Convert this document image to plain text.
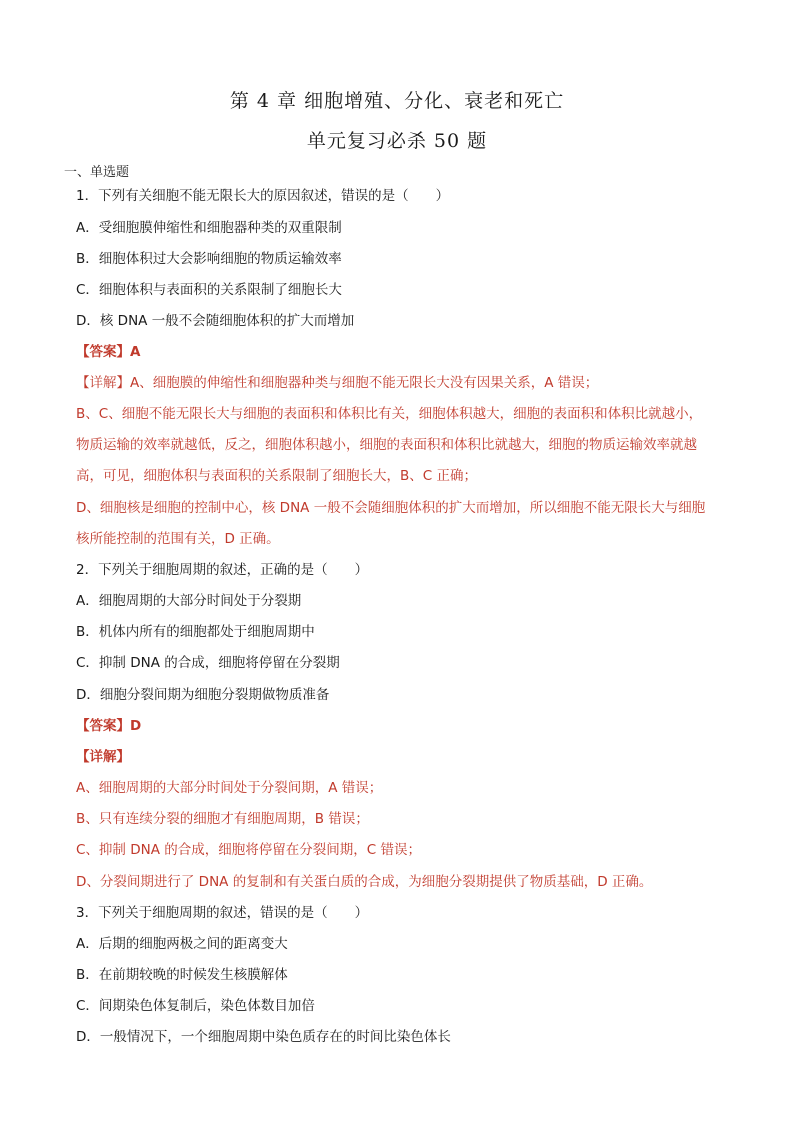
第 4 章 细胞增殖、分化、衰老和死亡
单元复习必杀 50 题
一、单选题
1．下列有关细胞不能无限长大的原因叙述，错误的是（　　）
A．受细胞膜伸缩性和细胞器种类的双重限制
B．细胞体积过大会影响细胞的物质运输效率
C．细胞体积与表面积的关系限制了细胞长大
D．核 DNA 一般不会随细胞体积的扩大而增加
【答案】A
【详解】A、细胞膜的伸缩性和细胞器种类与细胞不能无限长大没有因果关系，A 错误；
B、C、细胞不能无限长大与细胞的表面积和体积比有关，细胞体积越大，细胞的表面积和体积比就越小，
物质运输的效率就越低，反之，细胞体积越小，细胞的表面积和体积比就越大，细胞的物质运输效率就越
高，可见，细胞体积与表面积的关系限制了细胞长大，B、C 正确；
D、细胞核是细胞的控制中心，核 DNA 一般不会随细胞体积的扩大而增加，所以细胞不能无限长大与细胞
核所能控制的范围有关，D 正确。
2．下列关于细胞周期的叙述，正确的是（　　）
A．细胞周期的大部分时间处于分裂期
B．机体内所有的细胞都处于细胞周期中
C．抑制 DNA 的合成，细胞将停留在分裂期
D．细胞分裂间期为细胞分裂期做物质准备
【答案】D
【详解】
A、细胞周期的大部分时间处于分裂间期，A 错误；
B、只有连续分裂的细胞才有细胞周期，B 错误；
C、抑制 DNA 的合成，细胞将停留在分裂间期，C 错误；
D、分裂间期进行了 DNA 的复制和有关蛋白质的合成，为细胞分裂期提供了物质基础，D 正确。
3．下列关于细胞周期的叙述，错误的是（　　）
A．后期的细胞两极之间的距离变大
B．在前期较晚的时候发生核膜解体
C．间期染色体复制后，染色体数目加倍
D．一般情况下，一个细胞周期中染色质存在的时间比染色体长
